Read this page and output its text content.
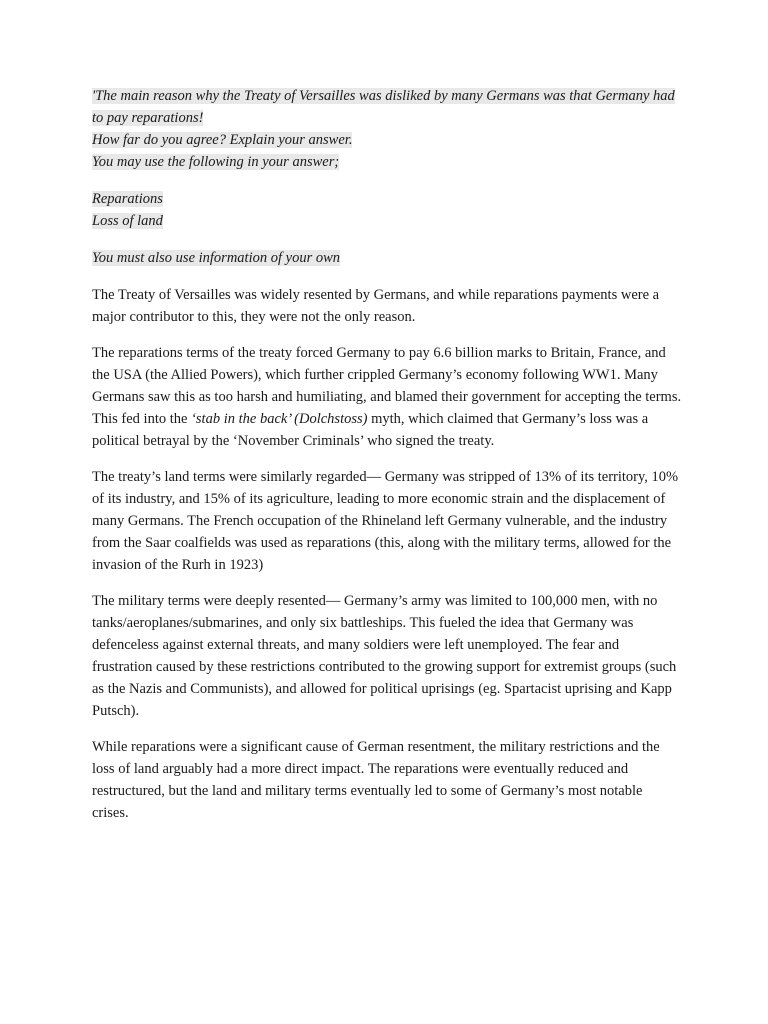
'The main reason why the Treaty of Versailles was disliked by many Germans was that Germany had to pay reparations!
How far do you agree? Explain your answer.
You may use the following in your answer;
Reparations
Loss of land
You must also use information of your own

The Treaty of Versailles was widely resented by Germans, and while reparations payments were a major contributor to this, they were not the only reason.

The reparations terms of the treaty forced Germany to pay 6.6 billion marks to Britain, France, and the USA (the Allied Powers), which further crippled Germany’s economy following WW1. Many Germans saw this as too harsh and humiliating, and blamed their government for accepting the terms. This fed into the ‘stab in the back’ (Dolchstoss) myth, which claimed that Germany’s loss was a political betrayal by the ‘November Criminals’ who signed the treaty.

The treaty’s land terms were similarly regarded— Germany was stripped of 13% of its territory, 10% of its industry, and 15% of its agriculture, leading to more economic strain and the displacement of many Germans. The French occupation of the Rhineland left Germany vulnerable, and the industry from the Saar coalfields was used as reparations (this, along with the military terms, allowed for the invasion of the Rurh in 1923)

The military terms were deeply resented— Germany’s army was limited to 100,000 men, with no tanks/aeroplanes/submarines, and only six battleships. This fueled the idea that Germany was defenceless against external threats, and many soldiers were left unemployed. The fear and frustration caused by these restrictions contributed to the growing support for extremist groups (such as the Nazis and Communists), and allowed for political uprisings (eg. Spartacist uprising and Kapp Putsch).

While reparations were a significant cause of German resentment, the military restrictions and the loss of land arguably had a more direct impact. The reparations were eventually reduced and restructured, but the land and military terms eventually led to some of Germany’s most notable crises.
